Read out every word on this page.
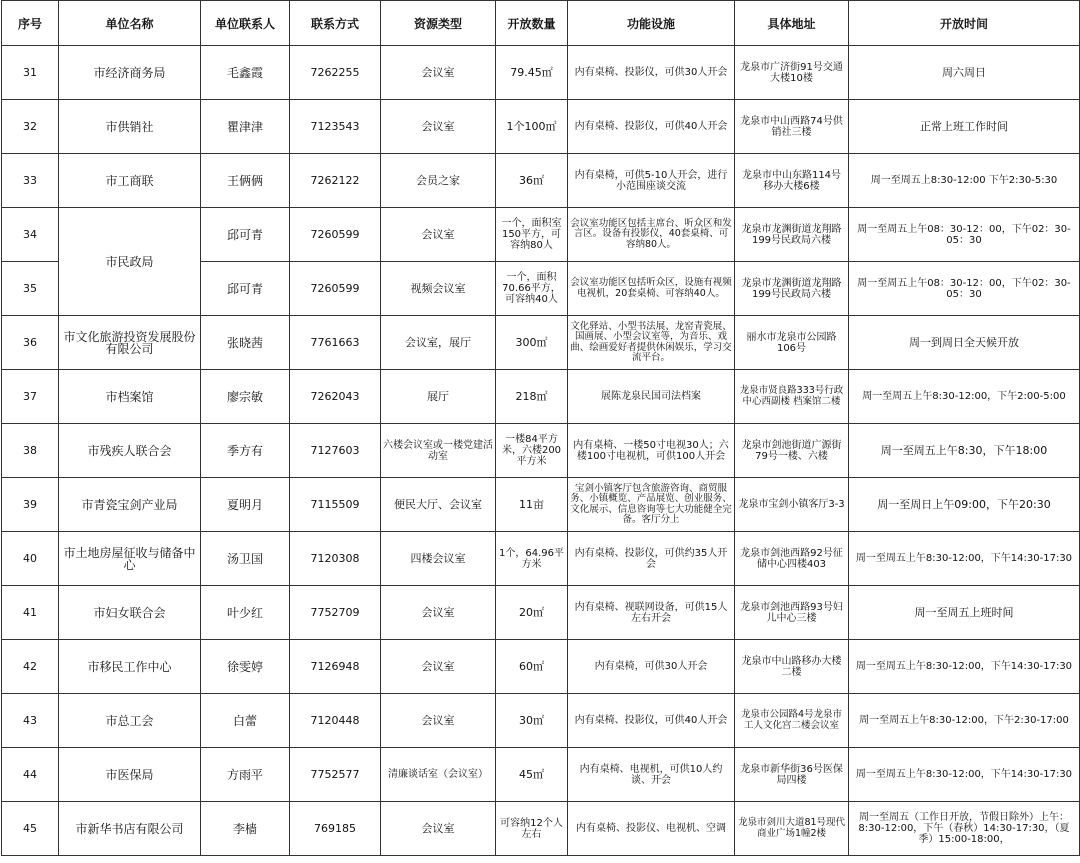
序号	单位名称	单位联系人	联系方式	资源类型	开放数量	功能设施	具体地址	开放时间
31	市经济商务局	毛鑫霞	7262255	会议室	79.45㎡	内有桌椅、投影仪，可供30人开会	龙泉市广济街91号交通大楼10楼	周六周日
32	市供销社	瞿津津	7123543	会议室	1个100㎡	内有桌椅、投影仪，可供40人开会	龙泉市中山西路74号供销社三楼	正常上班工作时间
33	市工商联	王俩俩	7262122	会员之家	36㎡	内有桌椅，可供5-10人开会，进行小范围座谈交流	龙泉市中山东路114号移办大楼6楼	周一至周五上8:30-12:00 下午2:30-5:30
34	市民政局	邱可青	7260599	会议室	一个，面积室150平方，可容纳80人	会议室功能区包括主席台、听众区和发言区。设备有投影仪，40套桌椅、可容纳80人。	龙泉市龙渊街道龙翔路199号民政局六楼	周一至周五上午08：30-12：00，下午02：30-05：30
35		邱可青	7260599	视频会议室	一个，面积70.66平方，可容纳40人	会议室功能区包括听众区，设施有视频电视机，20套桌椅、可容纳40人。	龙泉市龙渊街道龙翔路199号民政局六楼	周一至周五上午08：30-12：00，下午02：30-05：30
36	市文化旅游投资发展股份有限公司	张晓茜	7761663	会议室，展厅	300㎡	文化驿站、小型书法展、龙窑青瓷展、国画展、小型会议室等，为音乐、戏曲、绘画爱好者提供休闲娱乐，学习交流平台。	丽水市龙泉市公园路106号	周一到周日全天候开放
37	市档案馆	廖宗敏	7262043	展厅	218㎡	展陈龙泉民国司法档案	龙泉市贤良路333号行政中心西副楼 档案馆二楼	周一至周五上午8:30-12:00，下午2:00-5:00
38	市残疾人联合会	季方有	7127603	六楼会议室或一楼党建活动室	一楼84平方米，六楼200平方米	内有桌椅、一楼50寸电视30人；六楼100寸电视机，可供100人开会	龙泉市剑池街道广源街79号一楼、六楼	周一至周五上午8:30，下午18:00
39	市青瓷宝剑产业局	夏明月	7115509	便民大厅、会议室	11亩	宝剑小镇客厅包含旅游咨询、商贸服务、小镇概览、产品展览、创业服务、文化展示、信息咨询等七大功能健全完备。客厅分上	龙泉市宝剑小镇客厅3-3	周一至周日上午09:00，下午20:30
40	市土地房屋征收与储备中心	汤卫国	7120308	四楼会议室	1个，64.96平方米	内有桌椅、投影仪，可供约35人开会	龙泉市剑池西路92号征储中心四楼403	周一至周五上午8:30-12:00，下午14:30-17:30
41	市妇女联合会	叶少红	7752709	会议室	20㎡	内有桌椅、视联网设备，可供15人左右开会	龙泉市剑池西路93号妇儿中心三楼	周一至周五上班时间
42	市移民工作中心	徐雯婷	7126948	会议室	60㎡	内有桌椅，可供30人开会	龙泉市中山路移办大楼二楼	周一至周五上午8:30-12:00，下午14:30-17:30
43	市总工会	白蕾	7120448	会议室	30㎡	内有桌椅、投影仪，可供40人开会	龙泉市公园路4号龙泉市工人文化宫二楼会议室	周一至周五上午8:30-12:00，下午2:30-17:00
44	市医保局	方雨平	7752577	清廉谈话室（会议室）	45㎡	内有桌椅、电视机，可供10人约谈、开会	龙泉市新华街36号医保局四楼	周一至周五上午8:30-12:00，下午14:30-17:30
45	市新华书店有限公司	李樯	769185	会议室	可容纳12个人左右	内有桌椅、投影仪、电视机、空调	龙泉市剑川大道81号现代商业广场1幢2楼	周一至周五（工作日开放，节假日除外）上午：8:30-12:00，下午（春秋）14:30-17:30，（夏季）15:00-18:00，
